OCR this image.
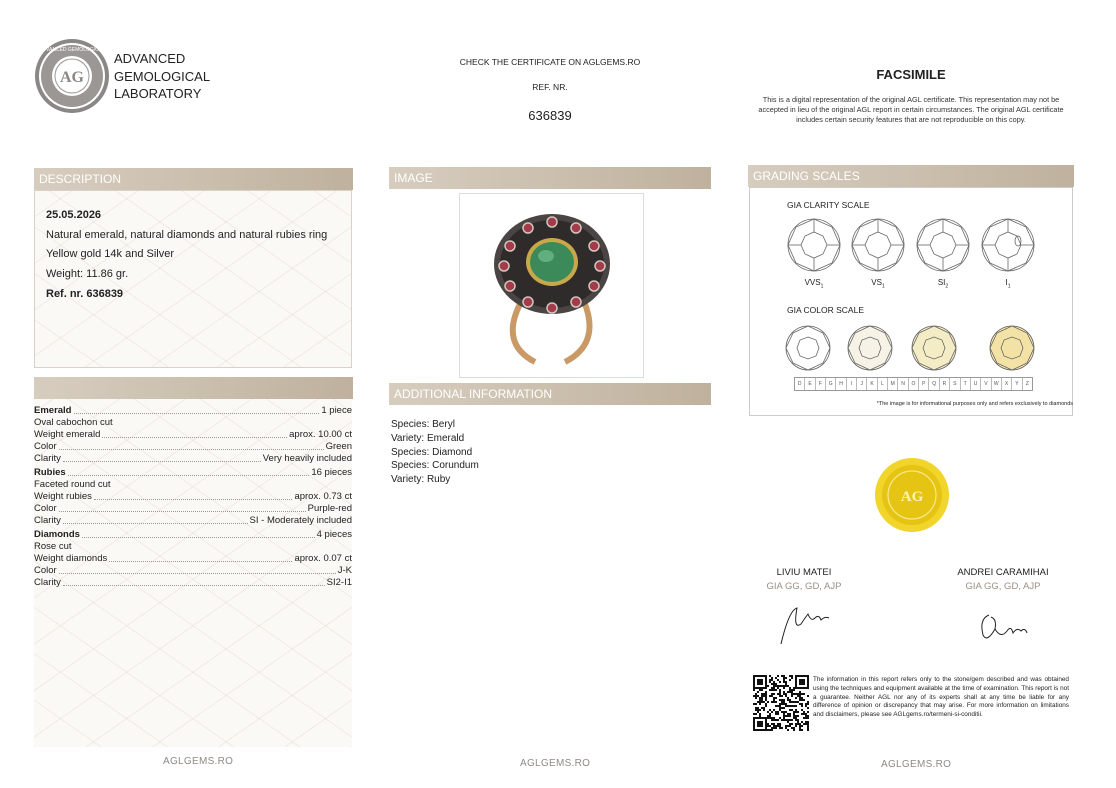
AG
ADVANCED GEMOLOGICAL
ADVANCED
GEMOLOGICAL
LABORATORY
CHECK THE CERTIFICATE ON AGLGEMS.RO
REF. NR.
636839
FACSIMILE
This is a digital representation of the original AGL certificate. This representation may not be accepted in lieu of the original AGL report in certain circumstances. The original AGL certificate includes certain security features that are not reproducible on this copy.
DESCRIPTION
25.05.2026
Natural emerald, natural diamonds and natural rubies ring
Yellow gold 14k and Silver
Weight: 11.86 gr.
Ref. nr. 636839
Emerald	1 piece
Oval cabochon cut
Weight emerald	aprox. 10.00 ct
Color	Green
Clarity	Very heavily included
Rubies	16 pieces
Faceted round cut
Weight rubies	aprox. 0.73 ct
Color	Purple-red
Clarity	SI - Moderately included
Diamonds	4 pieces
Rose cut
Weight diamonds	aprox. 0.07 ct
Color	J-K
Clarity	SI2-I1
IMAGE
ADDITIONAL INFORMATION
Species: Beryl
Variety: Emerald
Species: Diamond
Species: Corundum
Variety: Ruby
GRADING SCALES
GIA CLARITY SCALE
$VVS_1$	$VS_1$	$SI_2$	$I_1$
GIA COLOR SCALE
D	E	F	G	H	I	J	K	L	M	N	O	P	Q	R	S	T	U	V	W	X	Y	Z
*The image is for informational purposes only and refers exclusively to diamonds
AG
LIVIU MATEI
GIA GG, GD, AJP
ANDREI CARAMIHAI
GIA GG, GD, AJP
The information in this report refers only to the stone/gem described and was obtained using the techniques and equipment available at the time of examination. This report is not a guarantee. Neither AGL nor any of its experts shall at any time be liable for any difference of opinion or discrepancy that may arise. For more information on limitations and disclaimers, please see AGLgems.ro/termeni-si-conditii.
AGLGEMS.RO	AGLGEMS.RO	AGLGEMS.RO
